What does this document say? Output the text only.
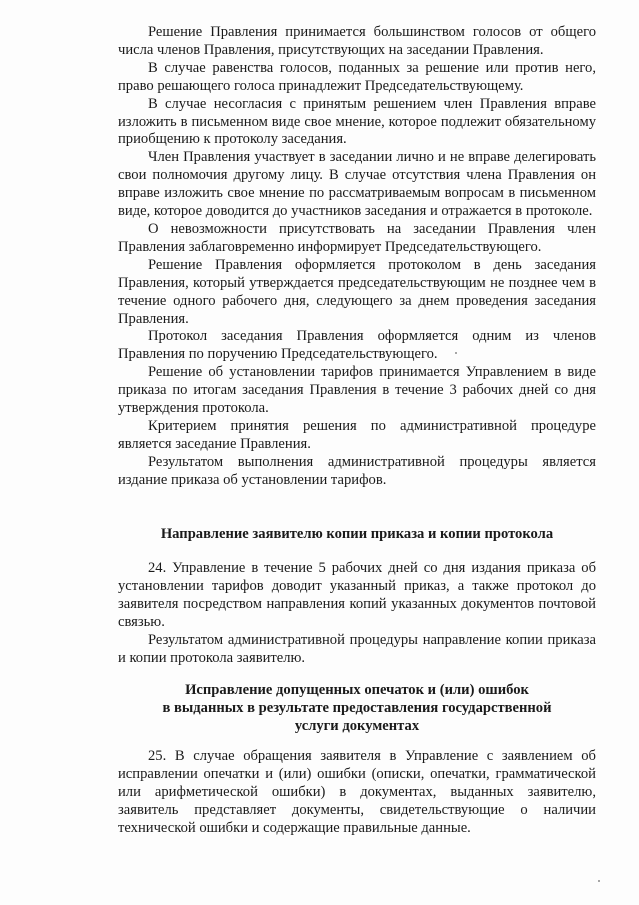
Решение Правления принимается большинством голосов от общего числа членов Правления, присутствующих на заседании Правления.

В случае равенства голосов, поданных за решение или против него, право решающего голоса принадлежит Председательствующему.

В случае несогласия с принятым решением член Правления вправе изложить в письменном виде свое мнение, которое подлежит обязательному приобщению к протоколу заседания.

Член Правления участвует в заседании лично и не вправе делегировать свои полномочия другому лицу. В случае отсутствия члена Правления он вправе изложить свое мнение по рассматриваемым вопросам в письменном виде, которое доводится до участников заседания и отражается в протоколе.

О невозможности присутствовать на заседании Правления член Правления заблаговременно информирует Председательствующего.

Решение Правления оформляется протоколом в день заседания Правления, который утверждается председательствующим не позднее чем в течение одного рабочего дня, следующего за днем проведения заседания Правления.

Протокол заседания Правления оформляется одним из членов Правления по поручению Председательствующего.

Решение об установлении тарифов принимается Управлением в виде приказа по итогам заседания Правления в течение 3 рабочих дней со дня утверждения протокола.

Критерием принятия решения по административной процедуре является заседание Правления.

Результатом выполнения административной процедуры является издание приказа об установлении тарифов.

Направление заявителю копии приказа и копии протокола

24. Управление в течение 5 рабочих дней со дня издания приказа об установлении тарифов доводит указанный приказ, а также протокол до заявителя посредством направления копий указанных документов почтовой связью.

Результатом административной процедуры направление копии приказа и копии протокола заявителю.

Исправление допущенных опечаток и (или) ошибок
в выданных в результате предоставления государственной
услуги документах

25. В случае обращения заявителя в Управление с заявлением об исправлении опечатки и (или) ошибки (описки, опечатки, грамматической или арифметической ошибки) в документах, выданных заявителю, заявитель представляет документы, свидетельствующие о наличии технической ошибки и содержащие правильные данные.
